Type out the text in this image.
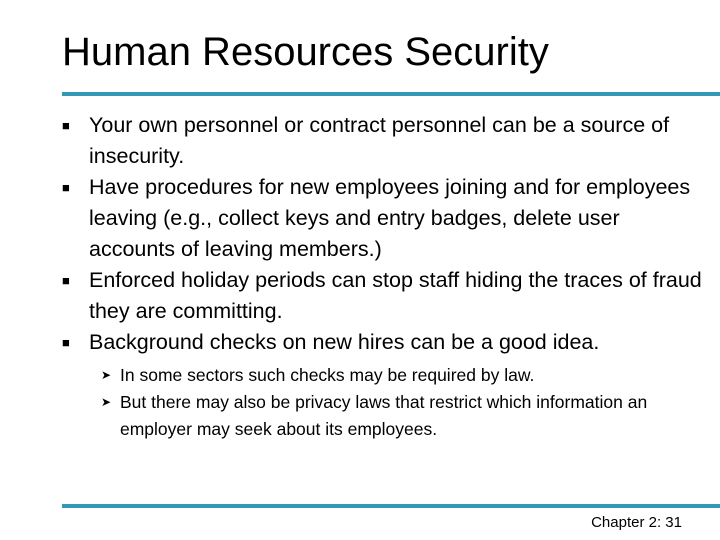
Human Resources Security
■ Your own personnel or contract personnel can be a source of insecurity.
■ Have procedures for new employees joining and for employees leaving (e.g., collect keys and entry badges, delete user accounts of leaving members.)
■ Enforced holiday periods can stop staff hiding the traces of fraud they are committing.
■ Background checks on new hires can be a good idea.
➤ In some sectors such checks may be required by law.
➤ But there may also be privacy laws that restrict which information an employer may seek about its employees.
Chapter 2: 31
